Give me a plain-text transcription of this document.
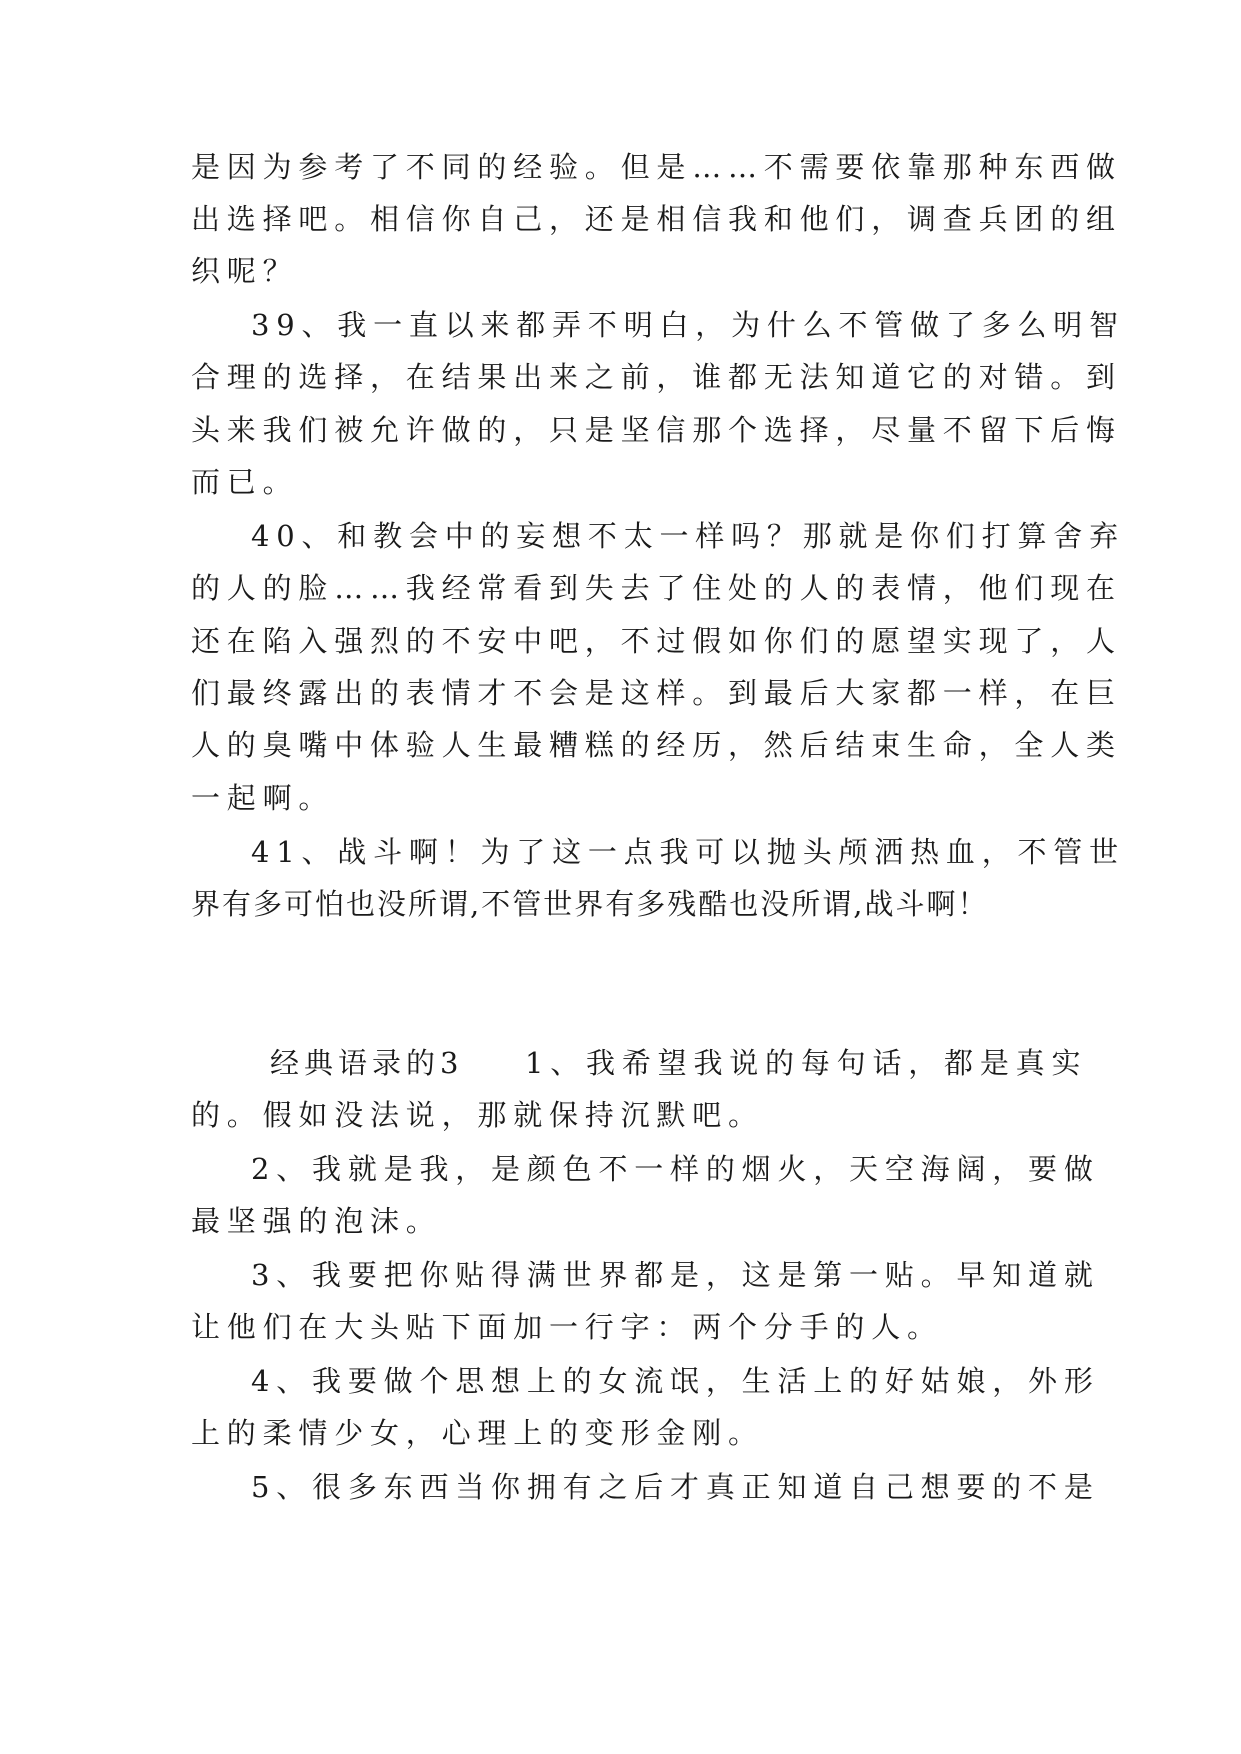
是因为参考了不同的经验。但是……不需要依靠那种东西做
出选择吧。相信你自己，还是相信我和他们，调查兵团的组
织呢？
39、我一直以来都弄不明白，为什么不管做了多么明智
合理的选择，在结果出来之前，谁都无法知道它的对错。到
头来我们被允许做的，只是坚信那个选择，尽量不留下后悔
而已。
40、和教会中的妄想不太一样吗？那就是你们打算舍弃
的人的脸……我经常看到失去了住处的人的表情，他们现在
还在陷入强烈的不安中吧，不过假如你们的愿望实现了，人
们最终露出的表情才不会是这样。到最后大家都一样，在巨
人的臭嘴中体验人生最糟糕的经历，然后结束生命，全人类
一起啊。
41、战斗啊！为了这一点我可以抛头颅洒热血，不管世
界有多可怕也没所谓,不管世界有多残酷也没所谓,战斗啊！
经典语录的3 1、我希望我说的每句话，都是真实
的。假如没法说，那就保持沉默吧。
2、我就是我，是颜色不一样的烟火，天空海阔，要做
最坚强的泡沫。
3、我要把你贴得满世界都是，这是第一贴。早知道就
让他们在大头贴下面加一行字：两个分手的人。
4、我要做个思想上的女流氓，生活上的好姑娘，外形
上的柔情少女，心理上的变形金刚。
5、很多东西当你拥有之后才真正知道自己想要的不是
